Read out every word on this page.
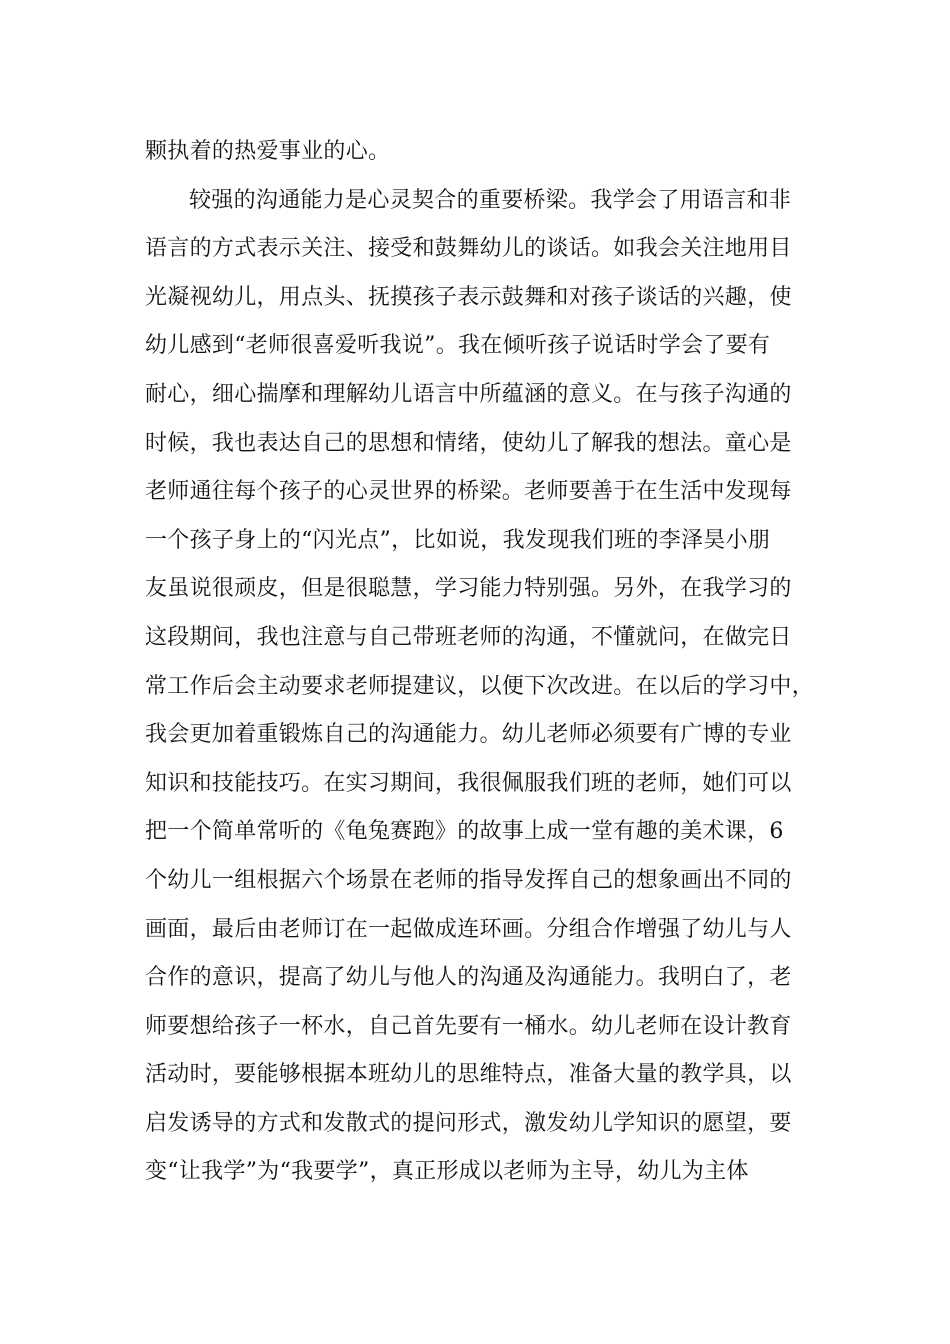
颗执着的热爱事业的心。
较强的沟通能力是心灵契合的重要桥梁。我学会了用语言和非
语言的方式表示关注、接受和鼓舞幼儿的谈话。如我会关注地用目
光凝视幼儿，用点头、抚摸孩子表示鼓舞和对孩子谈话的兴趣，使
幼儿感到“老师很喜爱听我说”。我在倾听孩子说话时学会了要有
耐心，细心揣摩和理解幼儿语言中所蕴涵的意义。在与孩子沟通的
时候，我也表达自己的思想和情绪，使幼儿了解我的想法。童心是
老师通往每个孩子的心灵世界的桥梁。老师要善于在生活中发现每
一个孩子身上的“闪光点”，比如说，我发现我们班的李泽昊小朋
友虽说很顽皮，但是很聪慧，学习能力特别强。另外，在我学习的
这段期间，我也注意与自己带班老师的沟通，不懂就问，在做完日
常工作后会主动要求老师提建议，以便下次改进。在以后的学习中，
我会更加着重锻炼自己的沟通能力。幼儿老师必须要有广博的专业
知识和技能技巧。在实习期间，我很佩服我们班的老师，她们可以
把一个简单常听的《龟兔赛跑》的故事上成一堂有趣的美术课，6
个幼儿一组根据六个场景在老师的指导发挥自己的想象画出不同的
画面，最后由老师订在一起做成连环画。分组合作增强了幼儿与人
合作的意识，提高了幼儿与他人的沟通及沟通能力。我明白了，老
师要想给孩子一杯水，自己首先要有一桶水。幼儿老师在设计教育
活动时，要能够根据本班幼儿的思维特点，准备大量的教学具，以
启发诱导的方式和发散式的提问形式，激发幼儿学知识的愿望，要
变“让我学”为“我要学”，真正形成以老师为主导，幼儿为主体
